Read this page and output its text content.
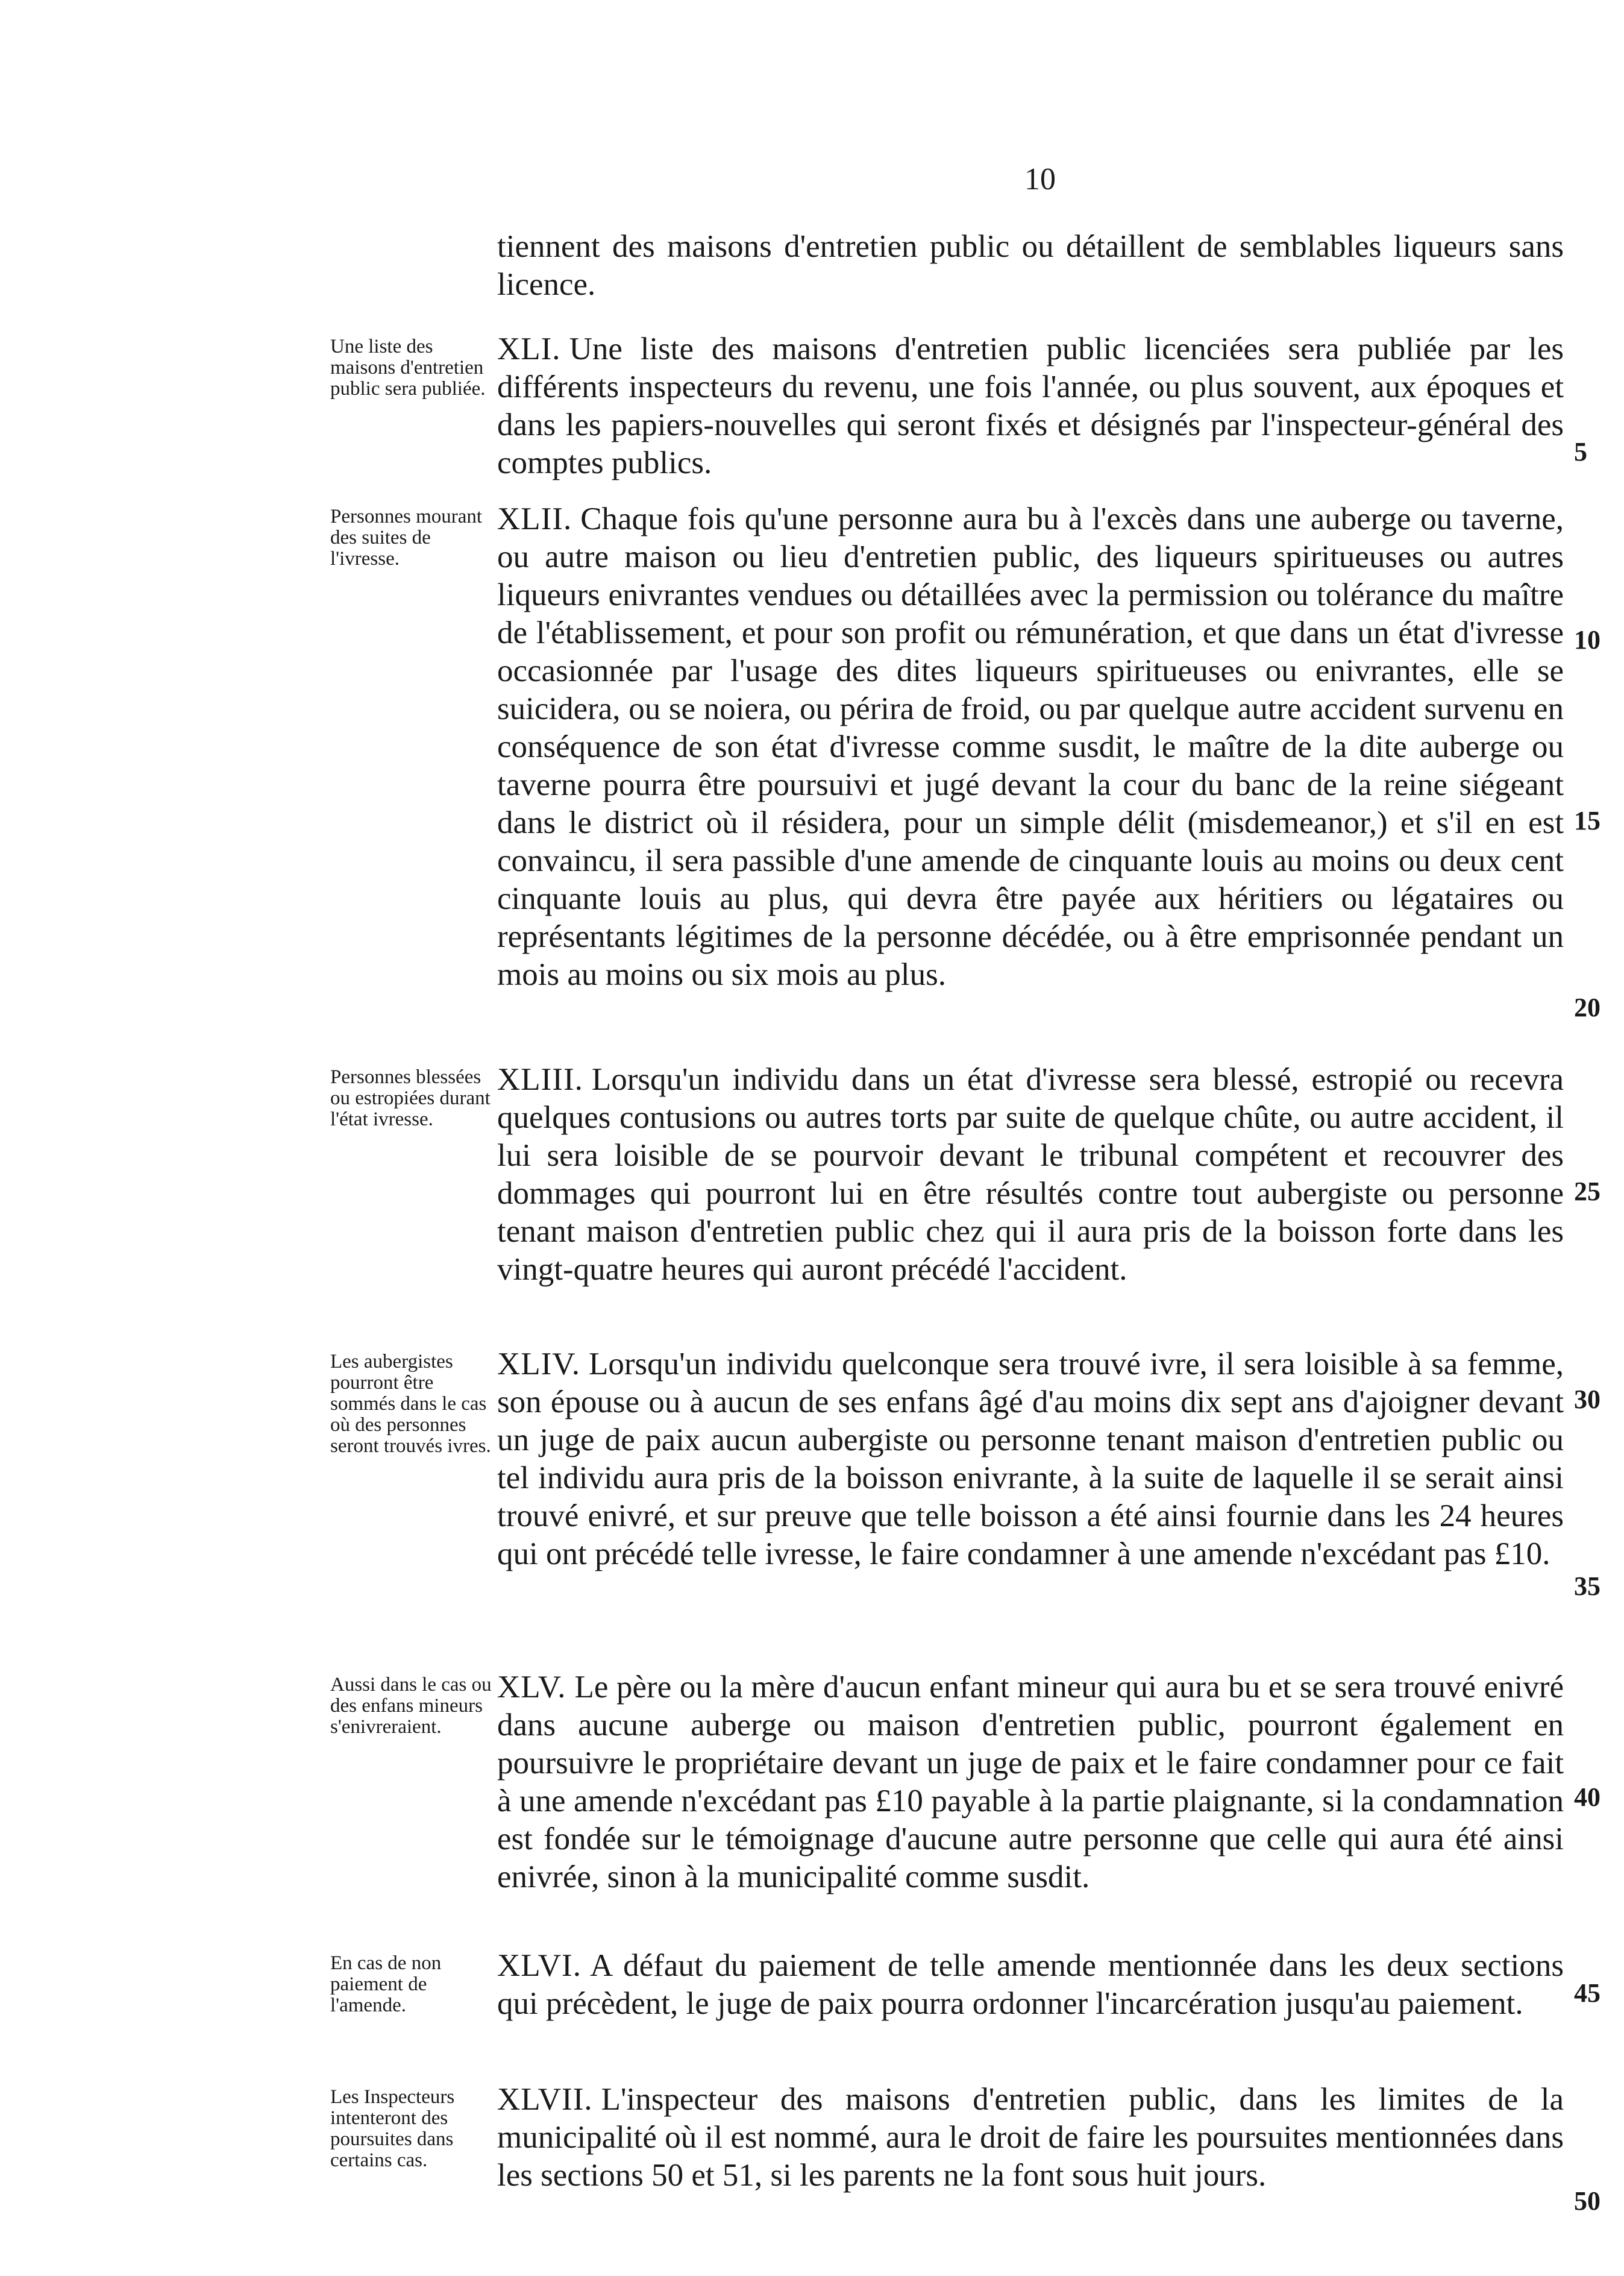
10
tiennent des maisons d'entretien public ou détaillent de semblables liqueurs sans licence.
Une liste des maisons d'entretien public sera publiée.
XLI. Une liste des maisons d'entretien public licenciées sera publiée par les différents inspecteurs du revenu, une fois l'année, ou plus souvent, aux époques et dans les papiers-nouvelles qui seront fixés et désignés par l'inspecteur-général des comptes publics.
Personnes mourant des suites de l'ivresse.
XLII. Chaque fois qu'une personne aura bu à l'excès dans une auberge ou taverne, ou autre maison ou lieu d'entretien public, des liqueurs spiritueuses ou autres liqueurs enivrantes vendues ou détaillées avec la permission ou tolérance du maître de l'établissement, et pour son profit ou rémunération, et que dans un état d'ivresse occasionnée par l'usage des dites liqueurs spiritueuses ou enivrantes, elle se suicidera, ou se noiera, ou périra de froid, ou par quelque autre accident survenu en conséquence de son état d'ivresse comme susdit, le maître de la dite auberge ou taverne pourra être poursuivi et jugé devant la cour du banc de la reine siégeant dans le district où il résidera, pour un simple délit (misdemeanor,) et s'il en est convaincu, il sera passible d'une amende de cinquante louis au moins ou deux cent cinquante louis au plus, qui devra être payée aux héritiers ou légataires ou représentants légitimes de la personne décédée, ou à être emprisonnée pendant un mois au moins ou six mois au plus.
Personnes blessées ou estropiées durant l'état ivresse.
XLIII. Lorsqu'un individu dans un état d'ivresse sera blessé, estropié ou recevra quelques contusions ou autres torts par suite de quelque chûte, ou autre accident, il lui sera loisible de se pourvoir devant le tribunal compétent et recouvrer des dommages qui pourront lui en être résultés contre tout aubergiste ou personne tenant maison d'entretien public chez qui il aura pris de la boisson forte dans les vingt-quatre heures qui auront précédé l'accident.
Les aubergistes pourront être sommés dans le cas où des personnes seront trouvés ivres.
XLIV. Lorsqu'un individu quelconque sera trouvé ivre, il sera loisible à sa femme, son épouse ou à aucun de ses enfans âgé d'au moins dix sept ans d'ajoigner devant un juge de paix aucun aubergiste ou personne tenant maison d'entretien public ou tel individu aura pris de la boisson enivrante, à la suite de laquelle il se serait ainsi trouvé enivré, et sur preuve que telle boisson a été ainsi fournie dans les 24 heures qui ont précédé telle ivresse, le faire condamner à une amende n'excédant pas £10.
Aussi dans le cas ou des enfans mineurs s'enivreraient.
XLV. Le père ou la mère d'aucun enfant mineur qui aura bu et se sera trouvé enivré dans aucune auberge ou maison d'entretien public, pourront également en poursuivre le propriétaire devant un juge de paix et le faire condamner pour ce fait à une amende n'excédant pas £10 payable à la partie plaignante, si la condamnation est fondée sur le témoignage d'aucune autre personne que celle qui aura été ainsi enivrée, sinon à la municipalité comme susdit.
En cas de non paiement de l'amende.
XLVI. A défaut du paiement de telle amende mentionnée dans les deux sections qui précèdent, le juge de paix pourra ordonner l'incarcération jusqu'au paiement.
Les Inspecteurs intenteront des poursuites dans certains cas.
XLVII. L'inspecteur des maisons d'entretien public, dans les limites de la municipalité où il est nommé, aura le droit de faire les poursuites mentionnées dans les sections 50 et 51, si les parents ne la font sous huit jours.
5
10
15
20
25
30
35
40
45
50
